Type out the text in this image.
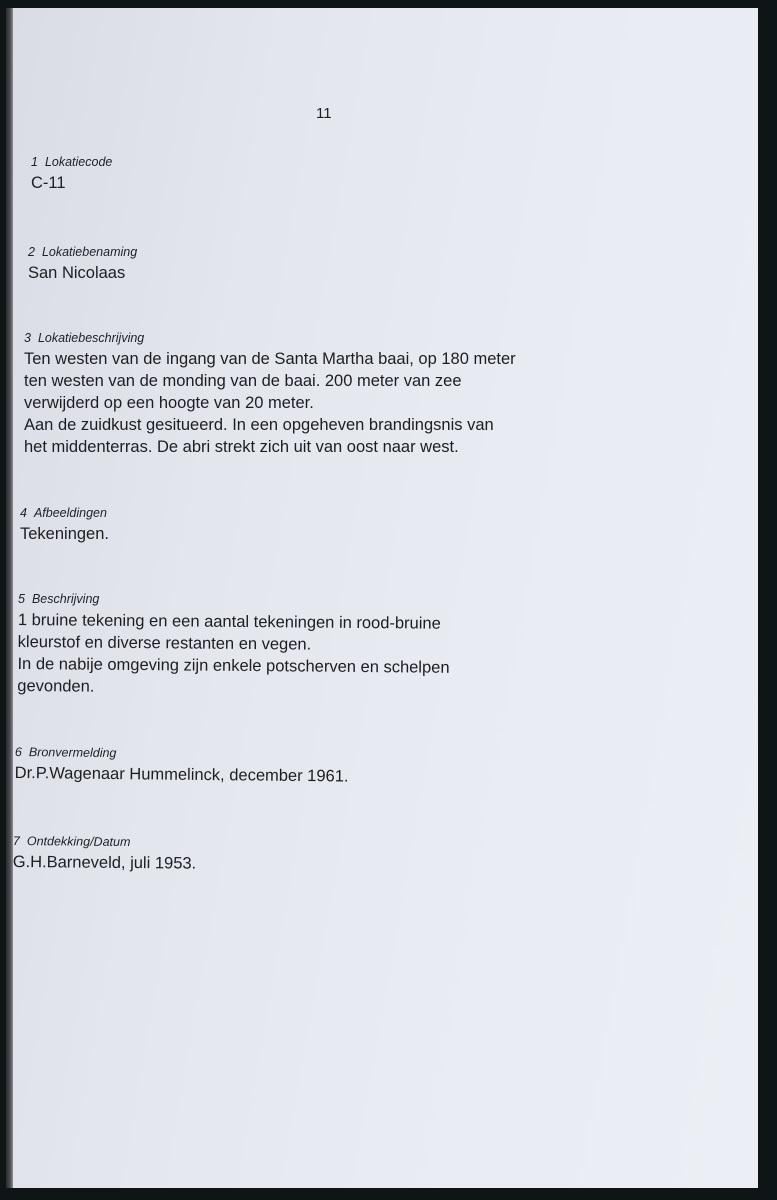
11
1 Lokatiecode
C-11
2 Lokatiebenaming
San Nicolaas
3 Lokatiebeschrijving
Ten westen van de ingang van de Santa Martha baai, op 180 meter
ten westen van de monding van de baai. 200 meter van zee
verwijderd op een hoogte van 20 meter.
Aan de zuidkust gesitueerd. In een opgeheven brandingsnis van
het middenterras. De abri strekt zich uit van oost naar west.
4 Afbeeldingen
Tekeningen.
5 Beschrijving
1 bruine tekening en een aantal tekeningen in rood-bruine
kleurstof en diverse restanten en vegen.
In de nabije omgeving zijn enkele potscherven en schelpen
gevonden.
6 Bronvermelding
Dr.P.Wagenaar Hummelinck, december 1961.
7 Ontdekking/Datum
G.H.Barneveld, juli 1953.
